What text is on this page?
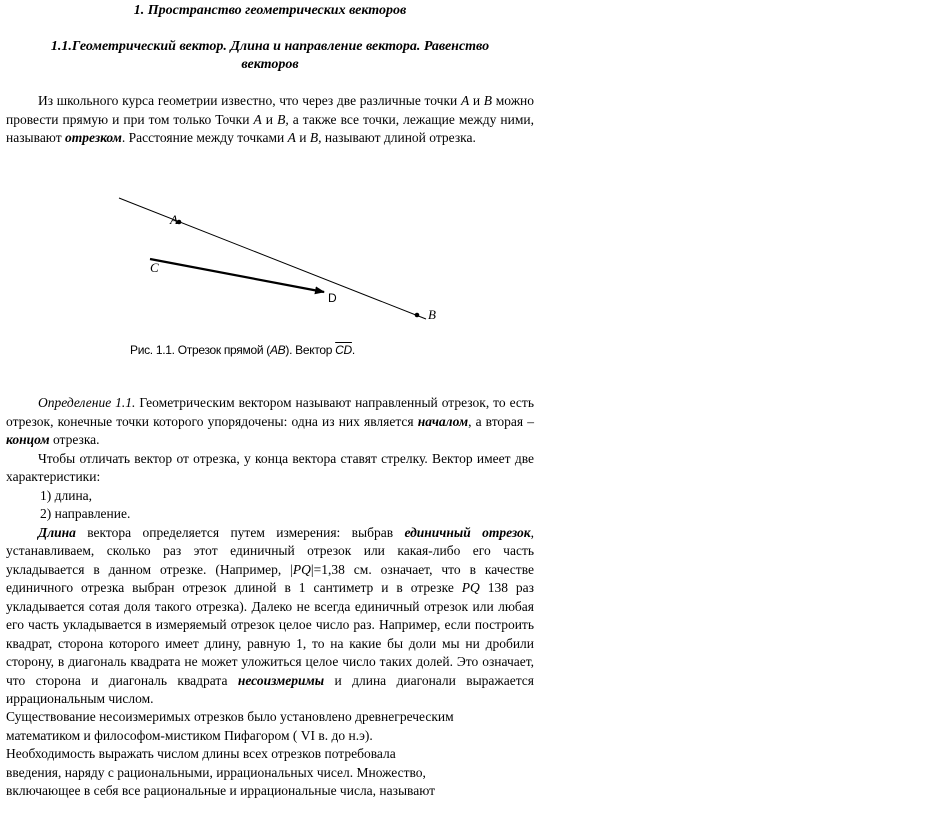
1. Пространство геометрических векторов
1.1.Геометрический вектор. Длина и направление вектора. Равенство
векторов

Из школьного курса геометрии известно, что через две различные точки A и B можно провести прямую и при том только Точки A и B, а также все точки, лежащие между ними, называют отрезком. Расстояние между точками A и B, называют длиной отрезка.

A
B
C
D
Рис. 1.1. Отрезок прямой (AB). Вектор $\overline{CD}$.

Определение 1.1. Геометрическим вектором называют направленный отрезок, то есть отрезок, конечные точки которого упорядочены: одна из них является началом, а вторая – концом отрезка.

Чтобы отличать вектор от отрезка, у конца вектора ставят стрелку. Вектор имеет две характеристики:

1) длина,

2) направление.

Длина вектора определяется путем измерения: выбрав единичный отрезок, устанавливаем, сколько раз этот единичный отрезок или какая-либо его часть укладывается в данном отрезке. (Например, |PQ|=1,38 см. означает, что в качестве единичного отрезка выбран отрезок длиной в 1 сантиметр и в отрезке PQ 138 раз укладывается сотая доля такого отрезка). Далеко не всегда единичный отрезок или любая его часть укладывается в измеряемый отрезок целое число раз. Например, если построить квадрат, сторона которого имеет длину, равную 1, то на какие бы доли мы ни дробили сторону, в диагональ квадрата не может уложиться целое число таких долей. Это означает, что сторона и диагональ квадрата несоизмеримы и длина диагонали выражается иррациональным числом.

Существование несоизмеримых отрезков было установлено древнегреческим

математиком и философом-мистиком Пифагором ( VI в. до н.э).

Необходимость выражать числом длины всех отрезков потребовала

введения, наряду с рациональными, иррациональных чисел. Множество,

включающее в себя все рациональные и иррациональные числа, называют
